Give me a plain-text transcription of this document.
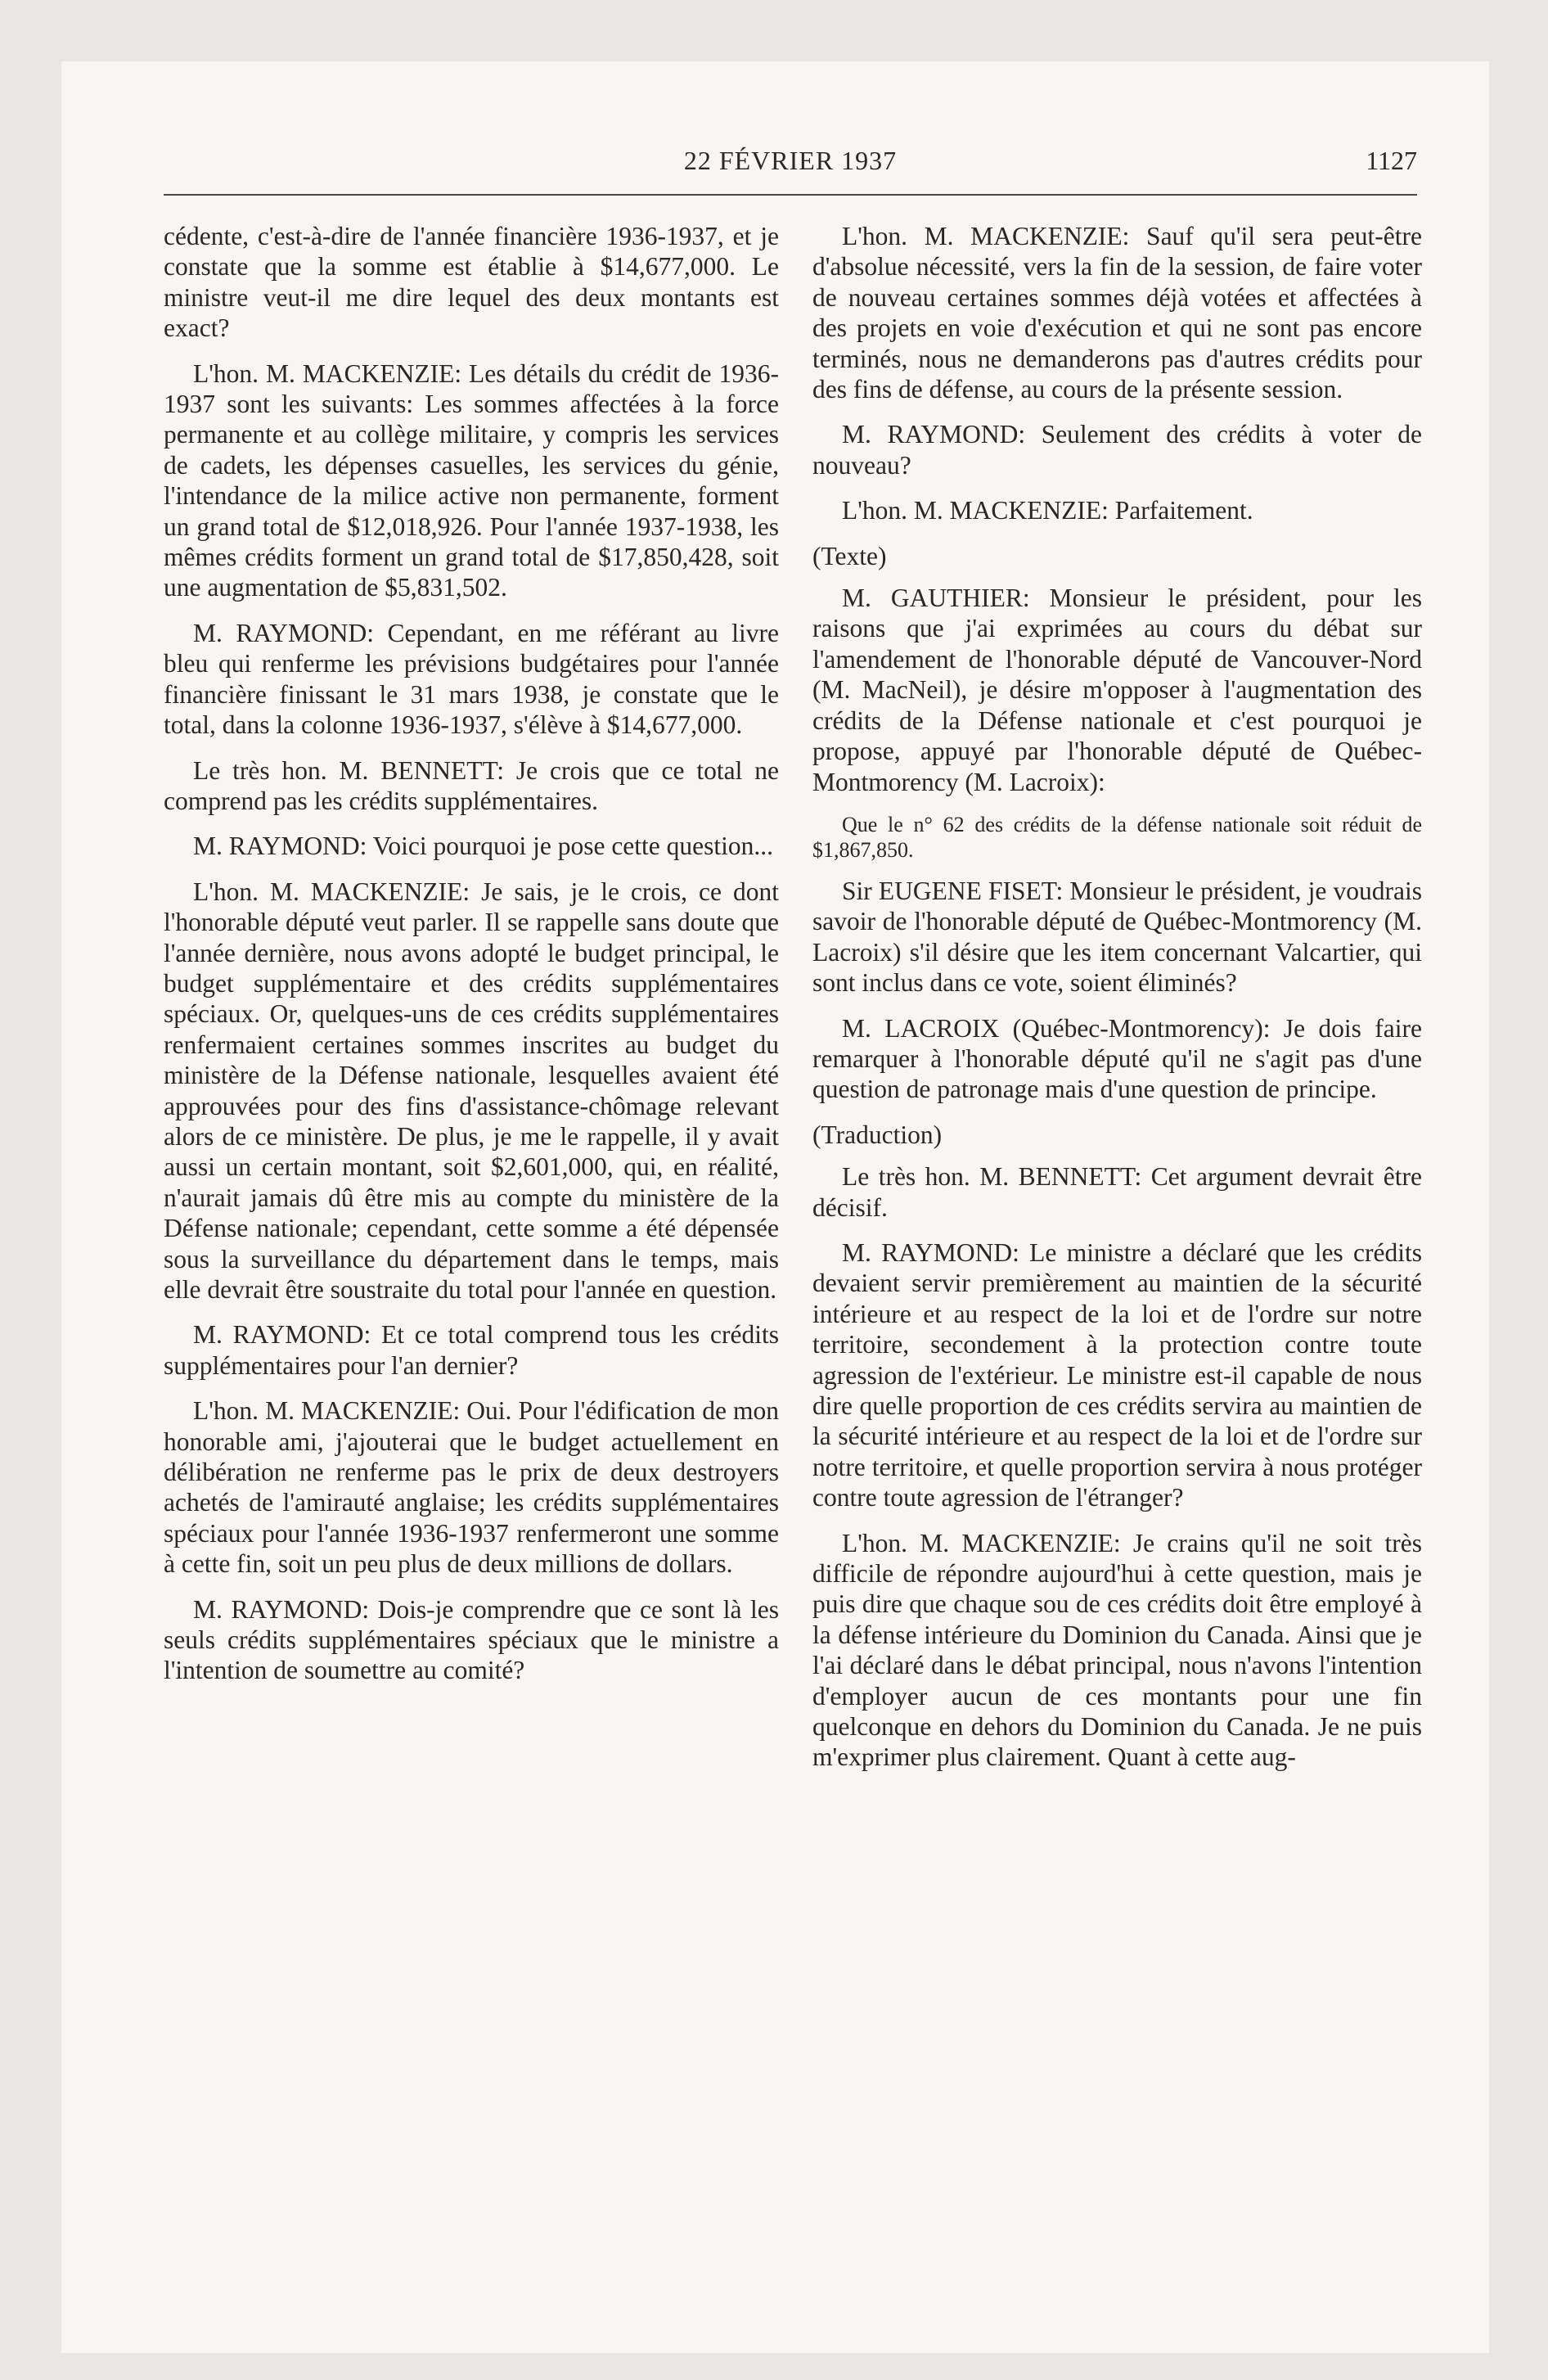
22 FÉVRIER 1937	1127

cédente, c'est-à-dire de l'année financière 1936-1937, et je constate que la somme est établie à $14,677,000. Le ministre veut-il me dire lequel des deux montants est exact?

L'hon. M. MACKENZIE: Les détails du crédit de 1936-1937 sont les suivants: Les sommes affectées à la force permanente et au collège militaire, y compris les services de cadets, les dépenses casuelles, les services du génie, l'intendance de la milice active non permanente, forment un grand total de $12,018,926. Pour l'année 1937-1938, les mêmes crédits forment un grand total de $17,850,428, soit une augmentation de $5,831,502.

M. RAYMOND: Cependant, en me référant au livre bleu qui renferme les prévisions budgétaires pour l'année financière finissant le 31 mars 1938, je constate que le total, dans la colonne 1936-1937, s'élève à $14,677,000.

Le très hon. M. BENNETT: Je crois que ce total ne comprend pas les crédits supplémentaires.

M. RAYMOND: Voici pourquoi je pose cette question...

L'hon. M. MACKENZIE: Je sais, je le crois, ce dont l'honorable député veut parler. Il se rappelle sans doute que l'année dernière, nous avons adopté le budget principal, le budget supplémentaire et des crédits supplémentaires spéciaux. Or, quelques-uns de ces crédits supplémentaires renfermaient certaines sommes inscrites au budget du ministère de la Défense nationale, lesquelles avaient été approuvées pour des fins d'assistance-chômage relevant alors de ce ministère. De plus, je me le rappelle, il y avait aussi un certain montant, soit $2,601,000, qui, en réalité, n'aurait jamais dû être mis au compte du ministère de la Défense nationale; cependant, cette somme a été dépensée sous la surveillance du département dans le temps, mais elle devrait être soustraite du total pour l'année en question.

M. RAYMOND: Et ce total comprend tous les crédits supplémentaires pour l'an dernier?

L'hon. M. MACKENZIE: Oui. Pour l'édification de mon honorable ami, j'ajouterai que le budget actuellement en délibération ne renferme pas le prix de deux destroyers achetés de l'amirauté anglaise; les crédits supplémentaires spéciaux pour l'année 1936-1937 renfermeront une somme à cette fin, soit un peu plus de deux millions de dollars.

M. RAYMOND: Dois-je comprendre que ce sont là les seuls crédits supplémentaires spéciaux que le ministre a l'intention de soumettre au comité?

L'hon. M. MACKENZIE: Sauf qu'il sera peut-être d'absolue nécessité, vers la fin de la session, de faire voter de nouveau certaines sommes déjà votées et affectées à des projets en voie d'exécution et qui ne sont pas encore terminés, nous ne demanderons pas d'autres crédits pour des fins de défense, au cours de la présente session.

M. RAYMOND: Seulement des crédits à voter de nouveau?

L'hon. M. MACKENZIE: Parfaitement.

(Texte)

M. GAUTHIER: Monsieur le président, pour les raisons que j'ai exprimées au cours du débat sur l'amendement de l'honorable député de Vancouver-Nord (M. MacNeil), je désire m'opposer à l'augmentation des crédits de la Défense nationale et c'est pourquoi je propose, appuyé par l'honorable député de Québec-Montmorency (M. Lacroix):

Que le n° 62 des crédits de la défense nationale soit réduit de $1,867,850.

Sir EUGENE FISET: Monsieur le président, je voudrais savoir de l'honorable député de Québec-Montmorency (M. Lacroix) s'il désire que les item concernant Valcartier, qui sont inclus dans ce vote, soient éliminés?

M. LACROIX (Québec-Montmorency): Je dois faire remarquer à l'honorable député qu'il ne s'agit pas d'une question de patronage mais d'une question de principe.

(Traduction)

Le très hon. M. BENNETT: Cet argument devrait être décisif.

M. RAYMOND: Le ministre a déclaré que les crédits devaient servir premièrement au maintien de la sécurité intérieure et au respect de la loi et de l'ordre sur notre territoire, secondement à la protection contre toute agression de l'extérieur. Le ministre est-il capable de nous dire quelle proportion de ces crédits servira au maintien de la sécurité intérieure et au respect de la loi et de l'ordre sur notre territoire, et quelle proportion servira à nous protéger contre toute agression de l'étranger?

L'hon. M. MACKENZIE: Je crains qu'il ne soit très difficile de répondre aujourd'hui à cette question, mais je puis dire que chaque sou de ces crédits doit être employé à la défense intérieure du Dominion du Canada. Ainsi que je l'ai déclaré dans le débat principal, nous n'avons l'intention d'employer aucun de ces montants pour une fin quelconque en dehors du Dominion du Canada. Je ne puis m'exprimer plus clairement. Quant à cette aug-
